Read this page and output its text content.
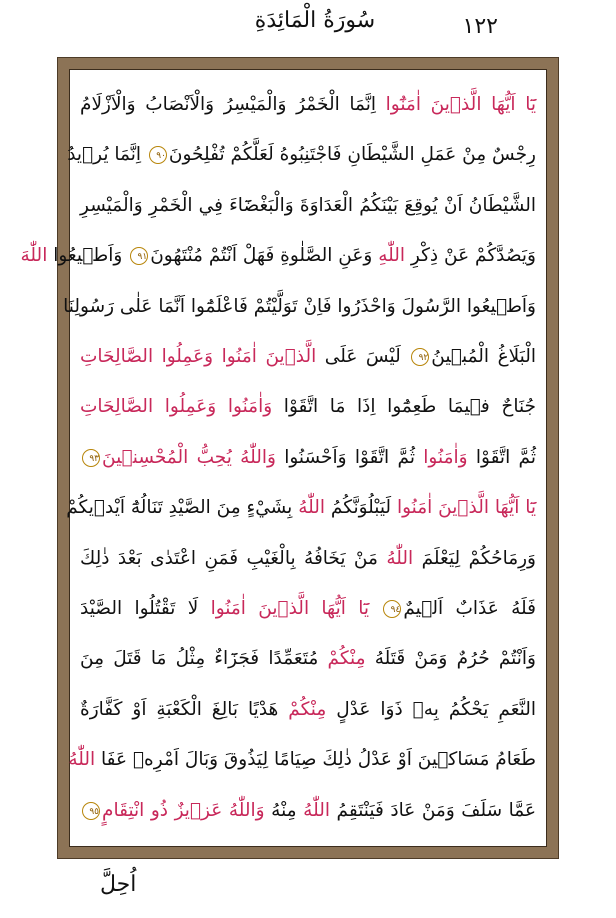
١٢٢
سُورَةُ الْمَائِدَةِ
يَٓا اَيُّهَا الَّذ۪ينَ اٰمَنُٓوا اِنَّمَا الْخَمْرُ وَالْمَيْسِرُ وَالْاَنْصَابُ وَالْاَزْلَامُ
رِجْسٌ مِنْ عَمَلِ الشَّيْطَانِ فَاجْتَنِبُوهُ لَعَلَّكُمْ تُفْلِحُونَ٩٠ اِنَّمَا يُر۪يدُ
الشَّيْطَانُ اَنْ يُوقِعَ بَيْنَكُمُ الْعَدَاوَةَ وَالْبَغْضَٓاءَ فِي الْخَمْرِ وَالْمَيْسِرِ
وَيَصُدَّكُمْ عَنْ ذِكْرِ اللّٰهِ وَعَنِ الصَّلٰوةِ فَهَلْ اَنْتُمْ مُنْتَهُونَ٩١ وَاَط۪يعُوا اللّٰهَ
وَاَط۪يعُوا الرَّسُولَ وَاحْذَرُوا فَاِنْ تَوَلَّيْتُمْ فَاعْلَمُٓوا اَنَّمَا عَلٰى رَسُولِنَا
الْبَلَاغُ الْمُب۪ينُ٩٢ لَيْسَ عَلَى الَّذ۪ينَ اٰمَنُوا وَعَمِلُوا الصَّالِحَاتِ
جُنَاحٌ ف۪يمَا طَعِمُٓوا اِذَا مَا اتَّقَوْا وَاٰمَنُوا وَعَمِلُوا الصَّالِحَاتِ
ثُمَّ اتَّقَوْا وَاٰمَنُوا ثُمَّ اتَّقَوْا وَاَحْسَنُوا وَاللّٰهُ يُحِبُّ الْمُحْسِن۪ينَ٩٣
يَٓا اَيُّهَا الَّذ۪ينَ اٰمَنُوا لَيَبْلُوَنَّكُمُ اللّٰهُ بِشَيْءٍ مِنَ الصَّيْدِ تَنَالُهُٓ اَيْد۪يكُمْ
وَرِمَاحُكُمْ لِيَعْلَمَ اللّٰهُ مَنْ يَخَافُهُ بِالْغَيْبِ فَمَنِ اعْتَدٰى بَعْدَ ذٰلِكَ
فَلَهُ عَذَابٌ اَل۪يمٌ٩٤ يَٓا اَيُّهَا الَّذ۪ينَ اٰمَنُوا لَا تَقْتُلُوا الصَّيْدَ
وَاَنْتُمْ حُرُمٌ وَمَنْ قَتَلَهُ مِنْكُمْ مُتَعَمِّدًا فَجَزَٓاءٌ مِثْلُ مَا قَتَلَ مِنَ
النَّعَمِ يَحْكُمُ بِه۪ ذَوَا عَدْلٍ مِنْكُمْ هَدْيًا بَالِغَ الْكَعْبَةِ اَوْ كَفَّارَةٌ
طَعَامُ مَسَاك۪ينَ اَوْ عَدْلُ ذٰلِكَ صِيَامًا لِيَذُوقَ وَبَالَ اَمْرِه۪ عَفَا اللّٰهُ
عَمَّا سَلَفَ وَمَنْ عَادَ فَيَنْتَقِمُ اللّٰهُ مِنْهُ وَاللّٰهُ عَز۪يزٌ ذُو انْتِقَامٍ٩٥
اُحِلَّ
